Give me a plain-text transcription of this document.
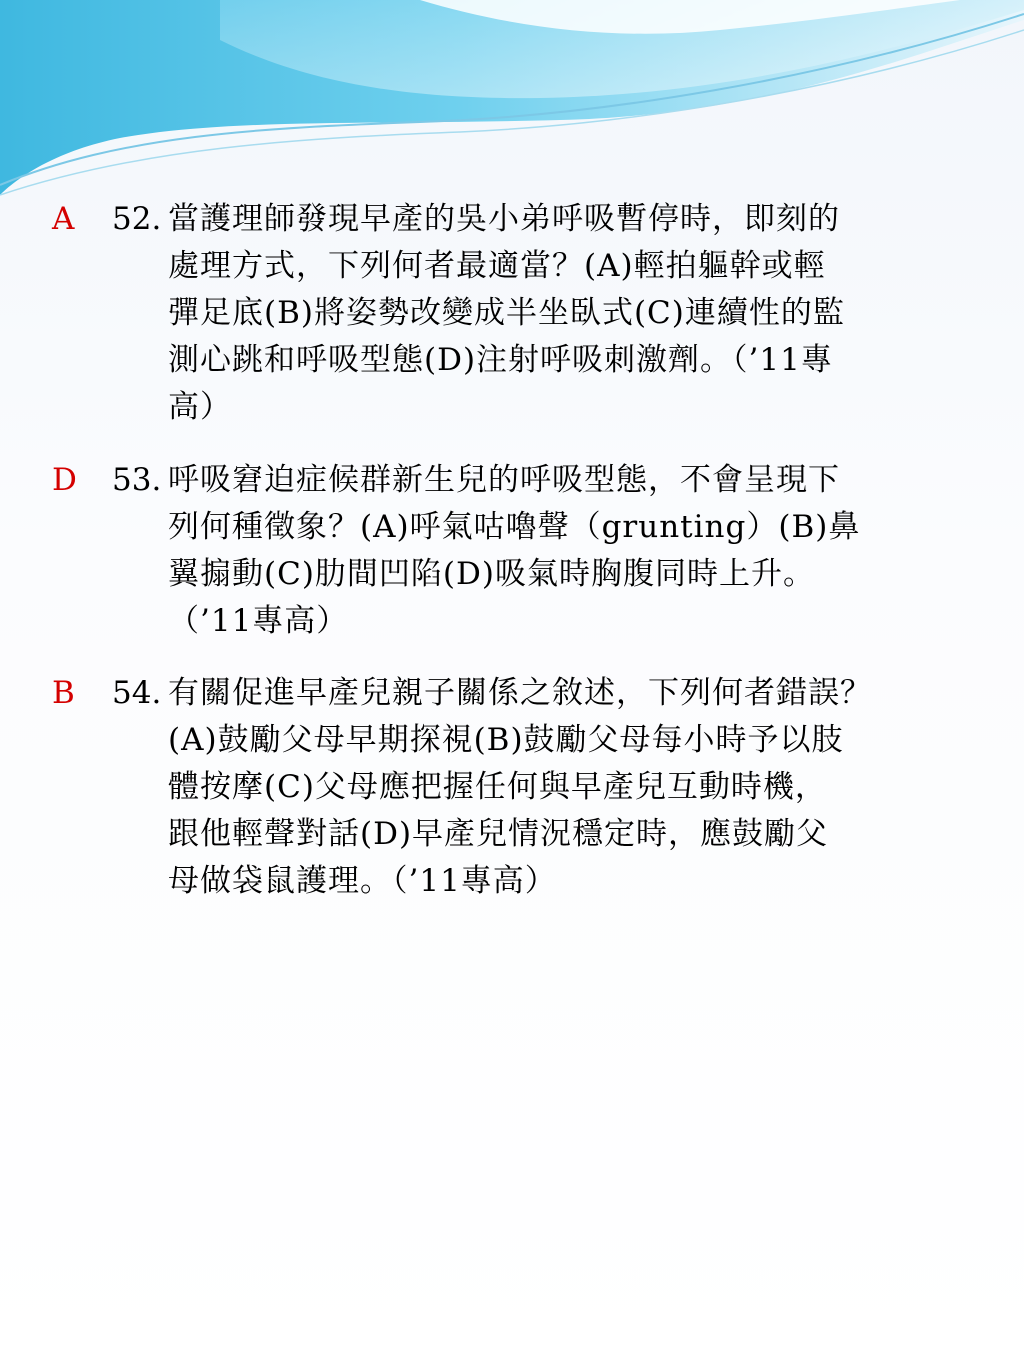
A 52. 當護理師發現早產的吳小弟呼吸暫停時，即刻的
處理方式，下列何者最適當？(A)輕拍軀幹或輕
彈足底(B)將姿勢改變成半坐臥式(C)連續性的監
測心跳和呼吸型態(D)注射呼吸刺激劑。（’11專
高）
D 53. 呼吸窘迫症候群新生兒的呼吸型態，不會呈現下
列何種徵象？(A)呼氣咕嚕聲（grunting）(B)鼻
翼搧動(C)肋間凹陷(D)吸氣時胸腹同時上升。
（’11專高）
B 54. 有關促進早產兒親子關係之敘述，下列何者錯誤？
(A)鼓勵父母早期探視(B)鼓勵父母每小時予以肢
體按摩(C)父母應把握任何與早產兒互動時機，
跟他輕聲對話(D)早產兒情況穩定時，應鼓勵父
母做袋鼠護理。（’11專高）
